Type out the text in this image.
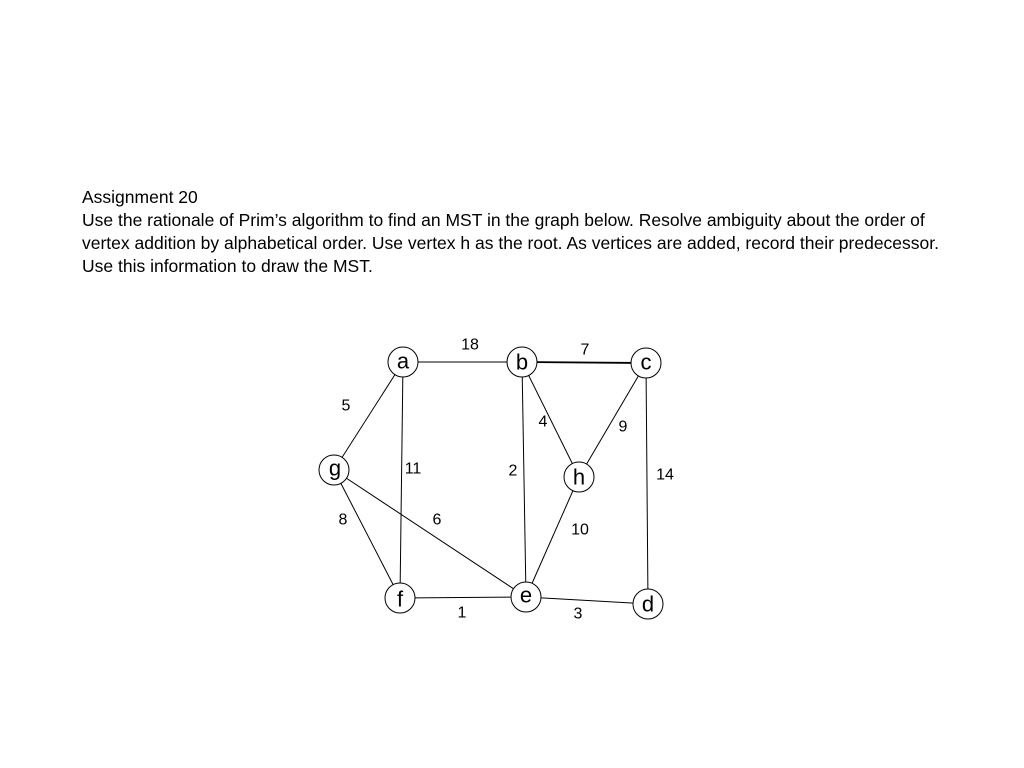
Assignment 20

Use the rationale of Prim’s algorithm to find an MST in the graph below. Resolve ambiguity about the order of vertex addition by alphabetical order. Use vertex h as the root. As vertices are added, record their predecessor. Use this information to draw the MST.

18	7
5
11
4	9
2	14
8	6
10
1	3
a	b	c
g	h
f	e	d
